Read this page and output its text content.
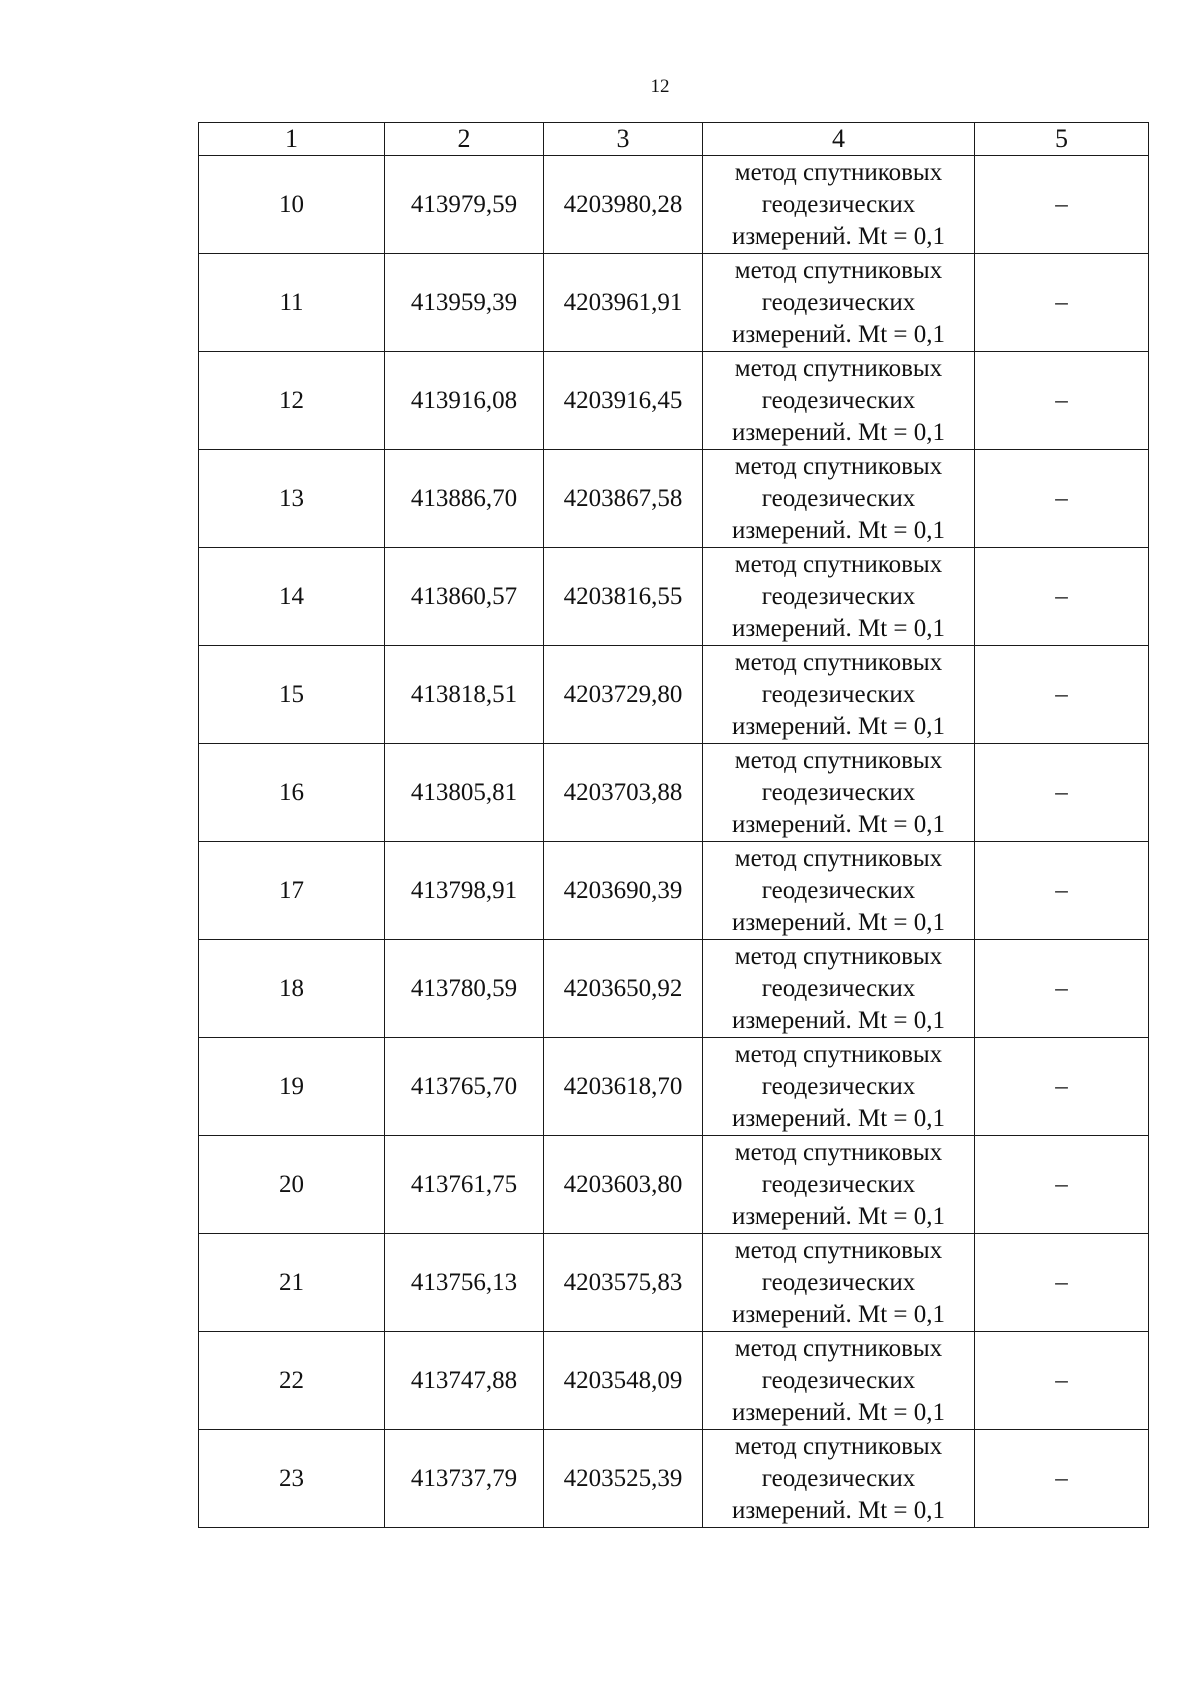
12
1	2	3	4	5
10	413979,59	4203980,28	метод спутниковых геодезических измерений. Mt = 0,1	–
11	413959,39	4203961,91	метод спутниковых геодезических измерений. Mt = 0,1	–
12	413916,08	4203916,45	метод спутниковых геодезических измерений. Mt = 0,1	–
13	413886,70	4203867,58	метод спутниковых геодезических измерений. Mt = 0,1	–
14	413860,57	4203816,55	метод спутниковых геодезических измерений. Mt = 0,1	–
15	413818,51	4203729,80	метод спутниковых геодезических измерений. Mt = 0,1	–
16	413805,81	4203703,88	метод спутниковых геодезических измерений. Mt = 0,1	–
17	413798,91	4203690,39	метод спутниковых геодезических измерений. Mt = 0,1	–
18	413780,59	4203650,92	метод спутниковых геодезических измерений. Mt = 0,1	–
19	413765,70	4203618,70	метод спутниковых геодезических измерений. Mt = 0,1	–
20	413761,75	4203603,80	метод спутниковых геодезических измерений. Mt = 0,1	–
21	413756,13	4203575,83	метод спутниковых геодезических измерений. Mt = 0,1	–
22	413747,88	4203548,09	метод спутниковых геодезических измерений. Mt = 0,1	–
23	413737,79	4203525,39	метод спутниковых геодезических измерений. Mt = 0,1	–
